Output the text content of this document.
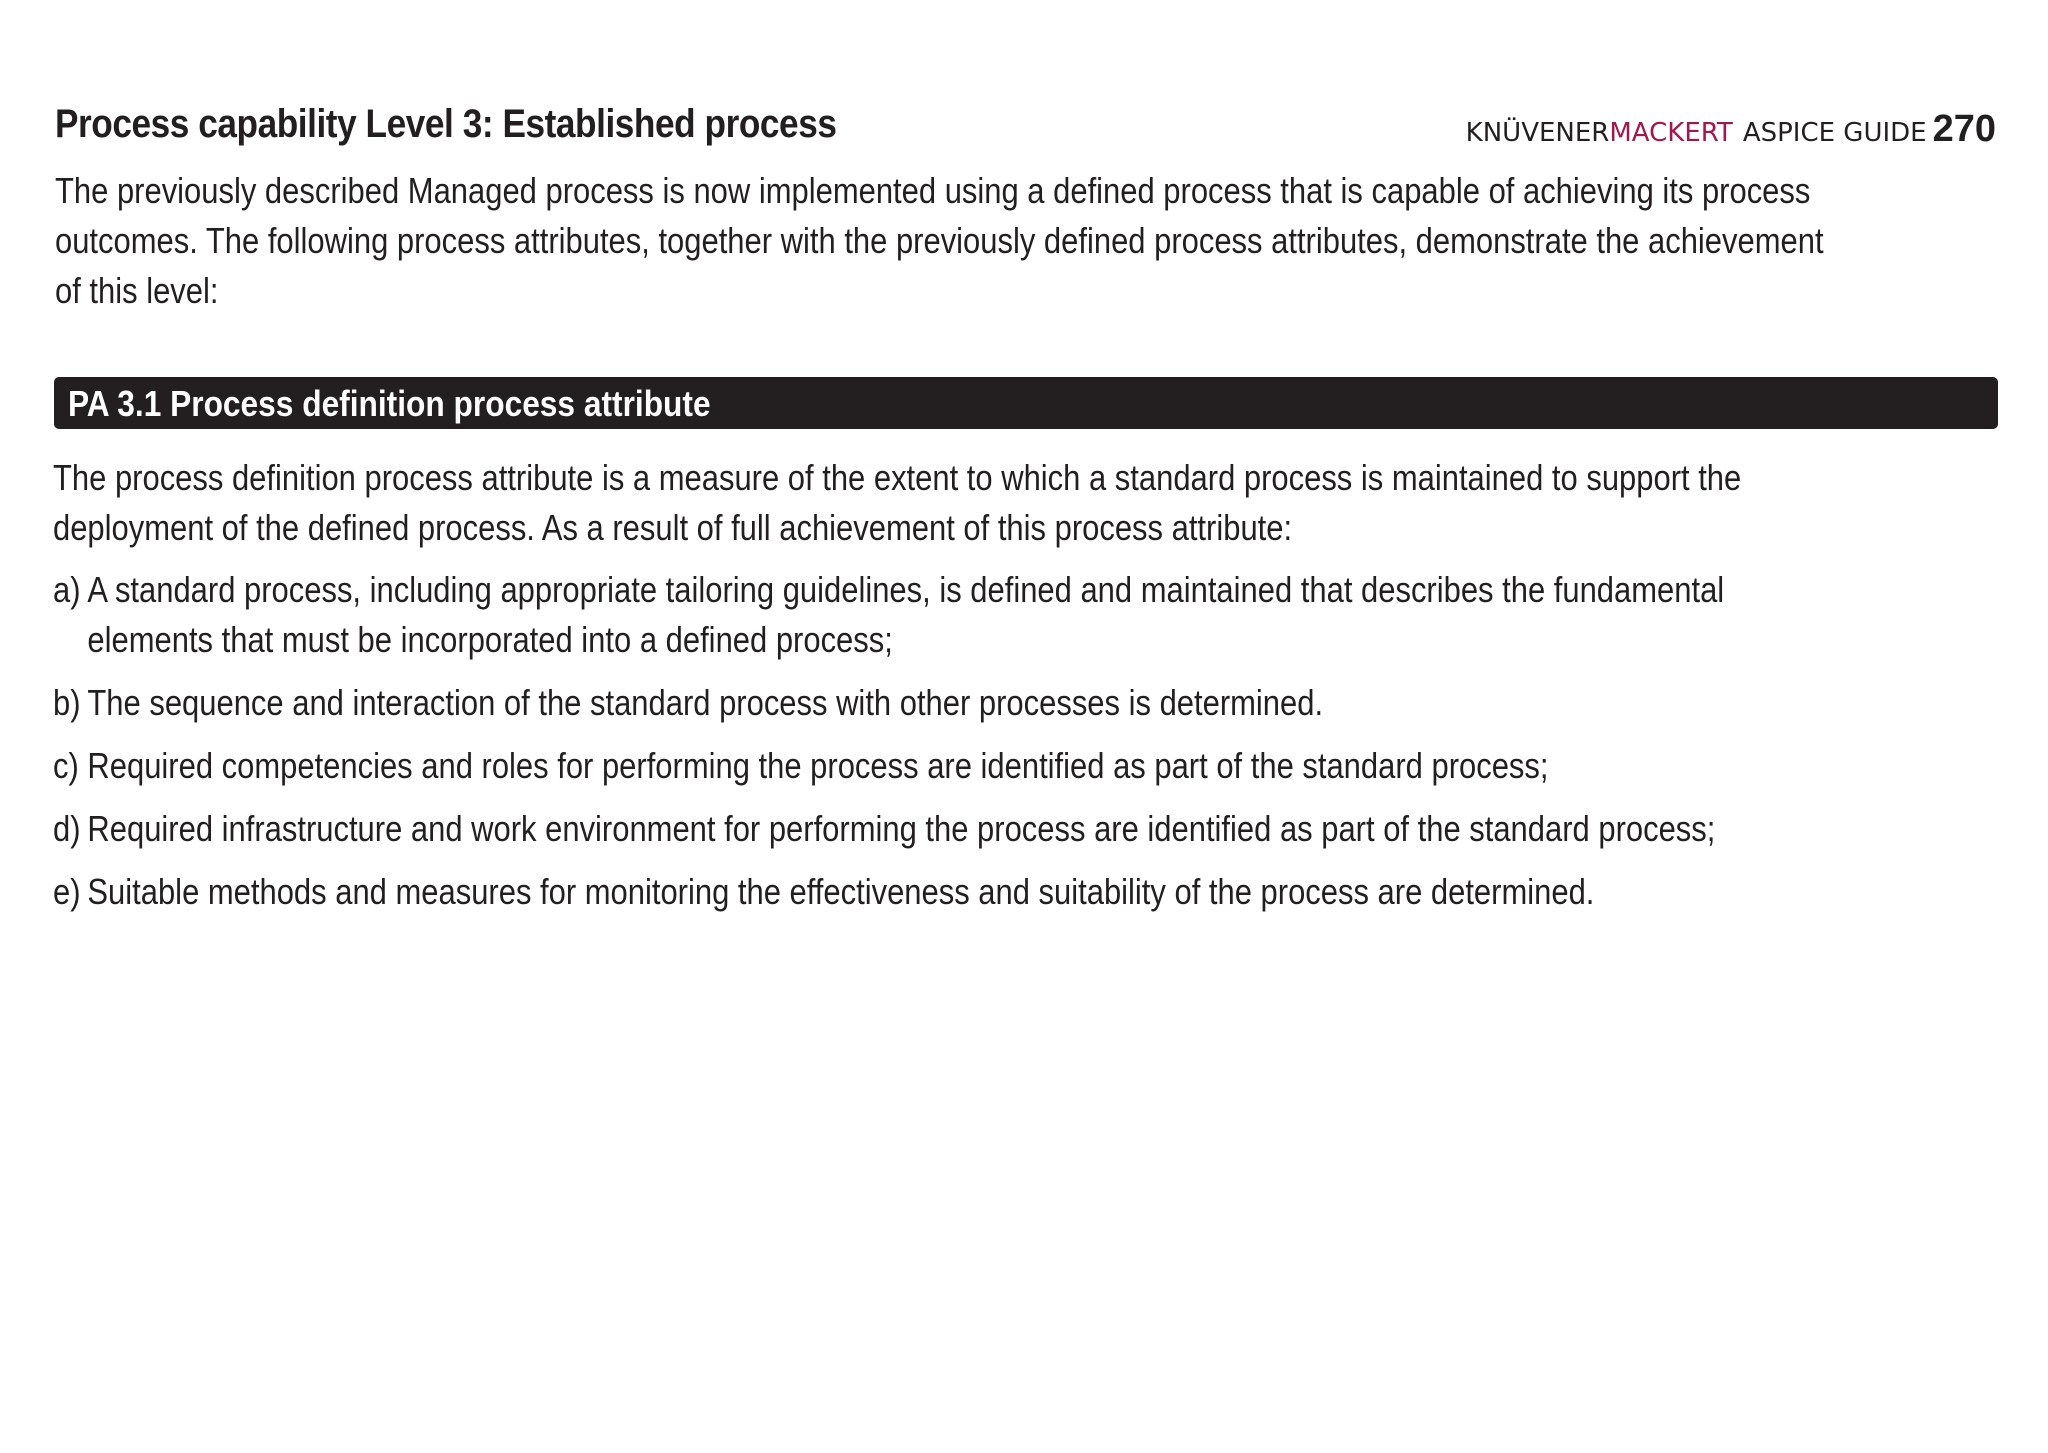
Process capability Level 3: Established process	KNÜVENER MACKERT ASPICE GUIDE 270
The previously described Managed process is now implemented using a defined process that is capable of achieving its process
outcomes. The following process attributes, together with the previously defined process attributes, demonstrate the achievement
of this level:
PA 3.1 Process definition process attribute
The process definition process attribute is a measure of the extent to which a standard process is maintained to support the
deployment of the defined process. As a result of full achievement of this process attribute:
a) A standard process, including appropriate tailoring guidelines, is defined and maintained that describes the fundamental
elements that must be incorporated into a defined process;
b) The sequence and interaction of the standard process with other processes is determined.
c) Required competencies and roles for performing the process are identified as part of the standard process;
d) Required infrastructure and work environment for performing the process are identified as part of the standard process;
e) Suitable methods and measures for monitoring the effectiveness and suitability of the process are determined.
